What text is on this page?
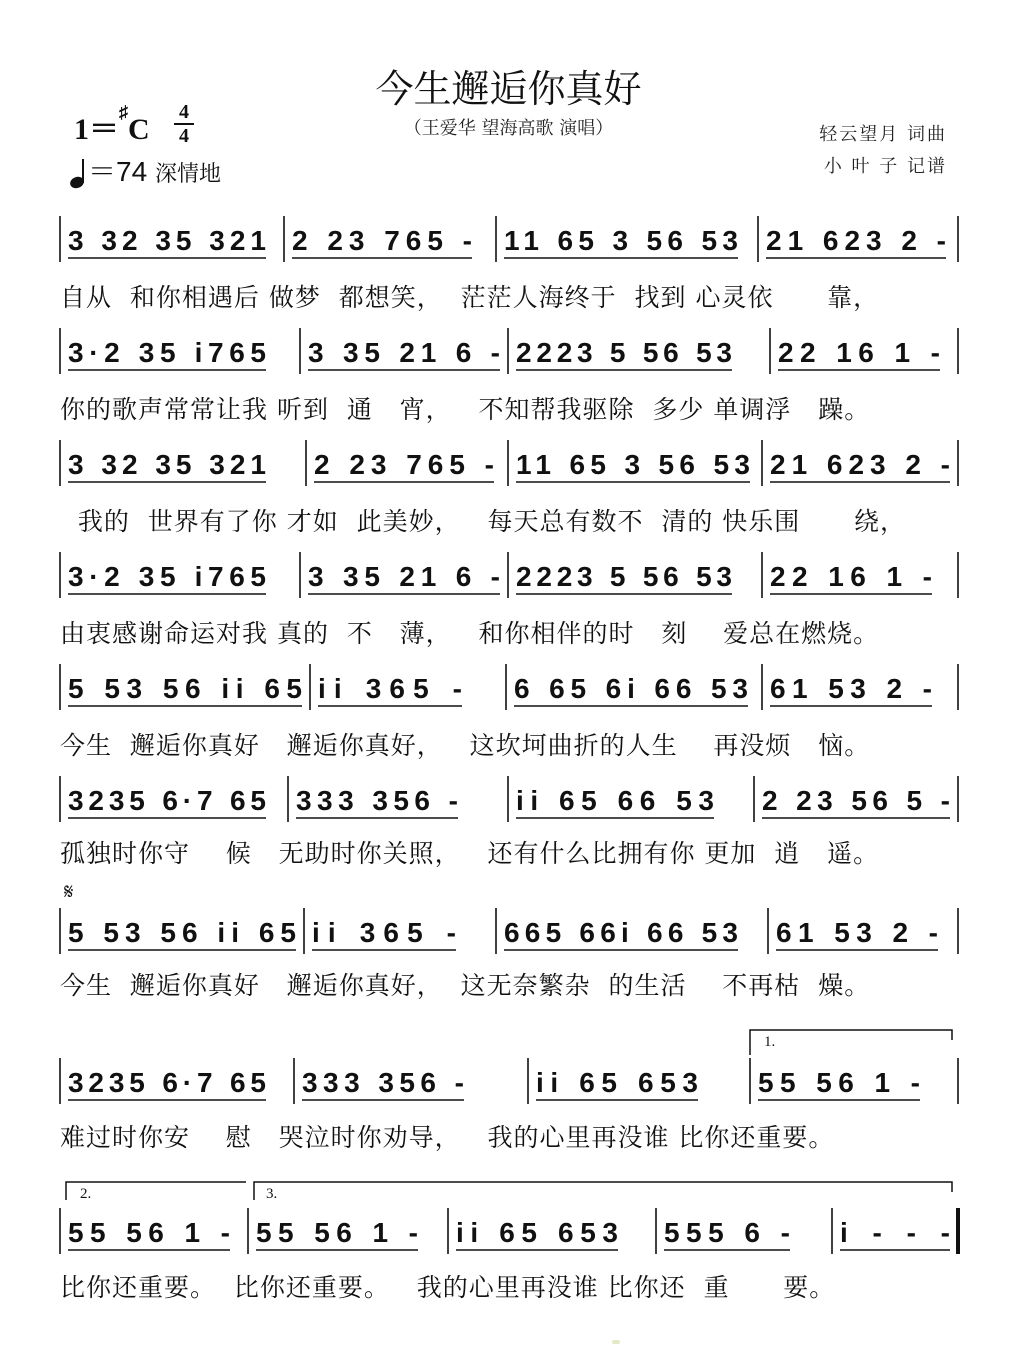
今生邂逅你真好
（王爱华 望海高歌 演唱）	轻云望月 词曲
小 叶 子 记谱
1＝♯C
4
4
＝74 深情地
𝄋
3 32 35 321 2 23 765 - 11 65 3 56 53 21 623 2 -
自从  和你相遇后 做梦  都想笑，  茫茫人海终于  找到 心灵依      靠，
3·2 35 i765 3 35 21 6 - 2223 5 56 53 22 16 1 -
你的歌声常常让我 听到  通   宵，   不知帮我驱除  多少 单调浮   躁。
3 32 35 321 2 23 765 - 11 65 3 56 53 21 623 2 -
我的  世界有了你 才如  此美妙，   每天总有数不  清的 快乐围      绕，
3·2 35 i765 3 35 21 6 - 2223 5 56 53 22 16 1 -
由衷感谢命运对我 真的  不   薄，   和你相伴的时   刻    爱总在燃烧。
5 53 56 ii 65 ii 365 - 6 65 6i 66 53 61 53 2 -
今生  邂逅你真好   邂逅你真好，   这坎坷曲折的人生    再没烦   恼。
3235 6·7 65 333 356 - ii 65 66 53 2 23 56 5 -
孤独时你守    候   无助时你关照，   还有什么比拥有你 更加  逍   遥。
5 53 56 ii 65 ii 365 - 665 66i 66 53 61 53 2 -
今生  邂逅你真好   邂逅你真好，  这无奈繁杂  的生活    不再枯  燥。
3235 6·7 65 333 356 -	ii 65 653 55 56 1 -
难过时你安    慰   哭泣时你劝导，   我的心里再没谁 比你还重要。
55 56 1 - 55 56 1 - ii 65 653 555 6 - i - - -
比你还重要。  比你还重要。   我的心里再没谁 比你还  重      要。
1.
2.	3.
